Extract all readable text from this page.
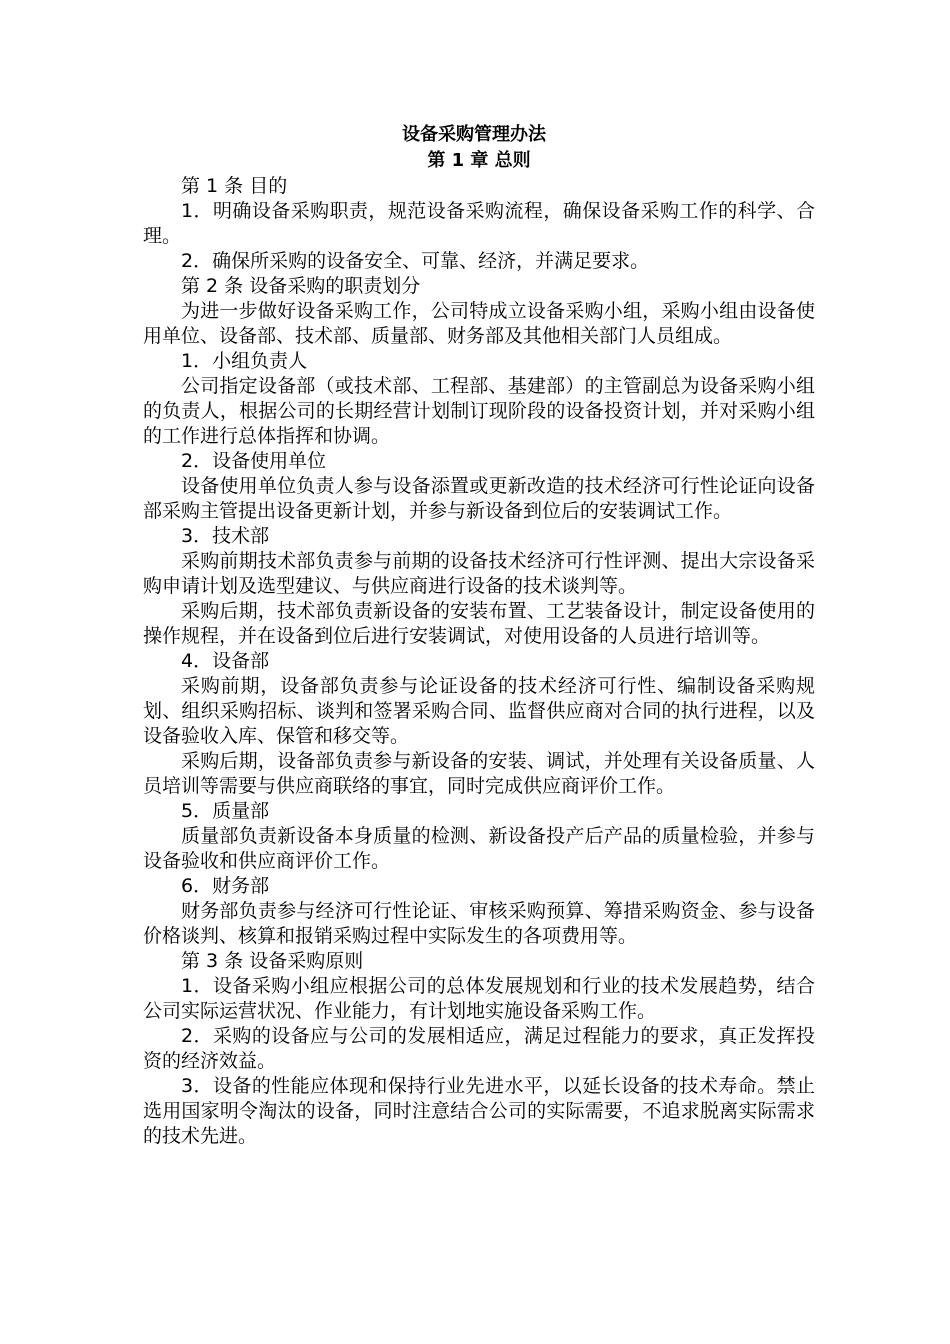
设备采购管理办法
第 1 章 总则

第 1 条 目的

1．明确设备采购职责，规范设备采购流程，确保设备采购工作的科学、合理。

2．确保所采购的设备安全、可靠、经济，并满足要求。

第 2 条 设备采购的职责划分

为进一步做好设备采购工作，公司特成立设备采购小组，采购小组由设备使用单位、设备部、技术部、质量部、财务部及其他相关部门人员组成。

1．小组负责人

公司指定设备部（或技术部、工程部、基建部）的主管副总为设备采购小组的负责人，根据公司的长期经营计划制订现阶段的设备投资计划，并对采购小组的工作进行总体指挥和协调。

2．设备使用单位

设备使用单位负责人参与设备添置或更新改造的技术经济可行性论证向设备部采购主管提出设备更新计划，并参与新设备到位后的安装调试工作。

3．技术部

采购前期技术部负责参与前期的设备技术经济可行性评测、提出大宗设备采购申请计划及选型建议、与供应商进行设备的技术谈判等。

采购后期，技术部负责新设备的安装布置、工艺装备设计，制定设备使用的操作规程，并在设备到位后进行安装调试，对使用设备的人员进行培训等。

4．设备部

采购前期，设备部负责参与论证设备的技术经济可行性、编制设备采购规划、组织采购招标、谈判和签署采购合同、监督供应商对合同的执行进程，以及设备验收入库、保管和移交等。

采购后期，设备部负责参与新设备的安装、调试，并处理有关设备质量、人员培训等需要与供应商联络的事宜，同时完成供应商评价工作。

5．质量部

质量部负责新设备本身质量的检测、新设备投产后产品的质量检验，并参与设备验收和供应商评价工作。

6．财务部

财务部负责参与经济可行性论证、审核采购预算、筹措采购资金、参与设备价格谈判、核算和报销采购过程中实际发生的各项费用等。

第 3 条 设备采购原则

1．设备采购小组应根据公司的总体发展规划和行业的技术发展趋势，结合公司实际运营状况、作业能力，有计划地实施设备采购工作。

2．采购的设备应与公司的发展相适应，满足过程能力的要求，真正发挥投资的经济效益。

3．设备的性能应体现和保持行业先进水平，以延长设备的技术寿命。禁止选用国家明令淘汰的设备，同时注意结合公司的实际需要，不追求脱离实际需求的技术先进。
